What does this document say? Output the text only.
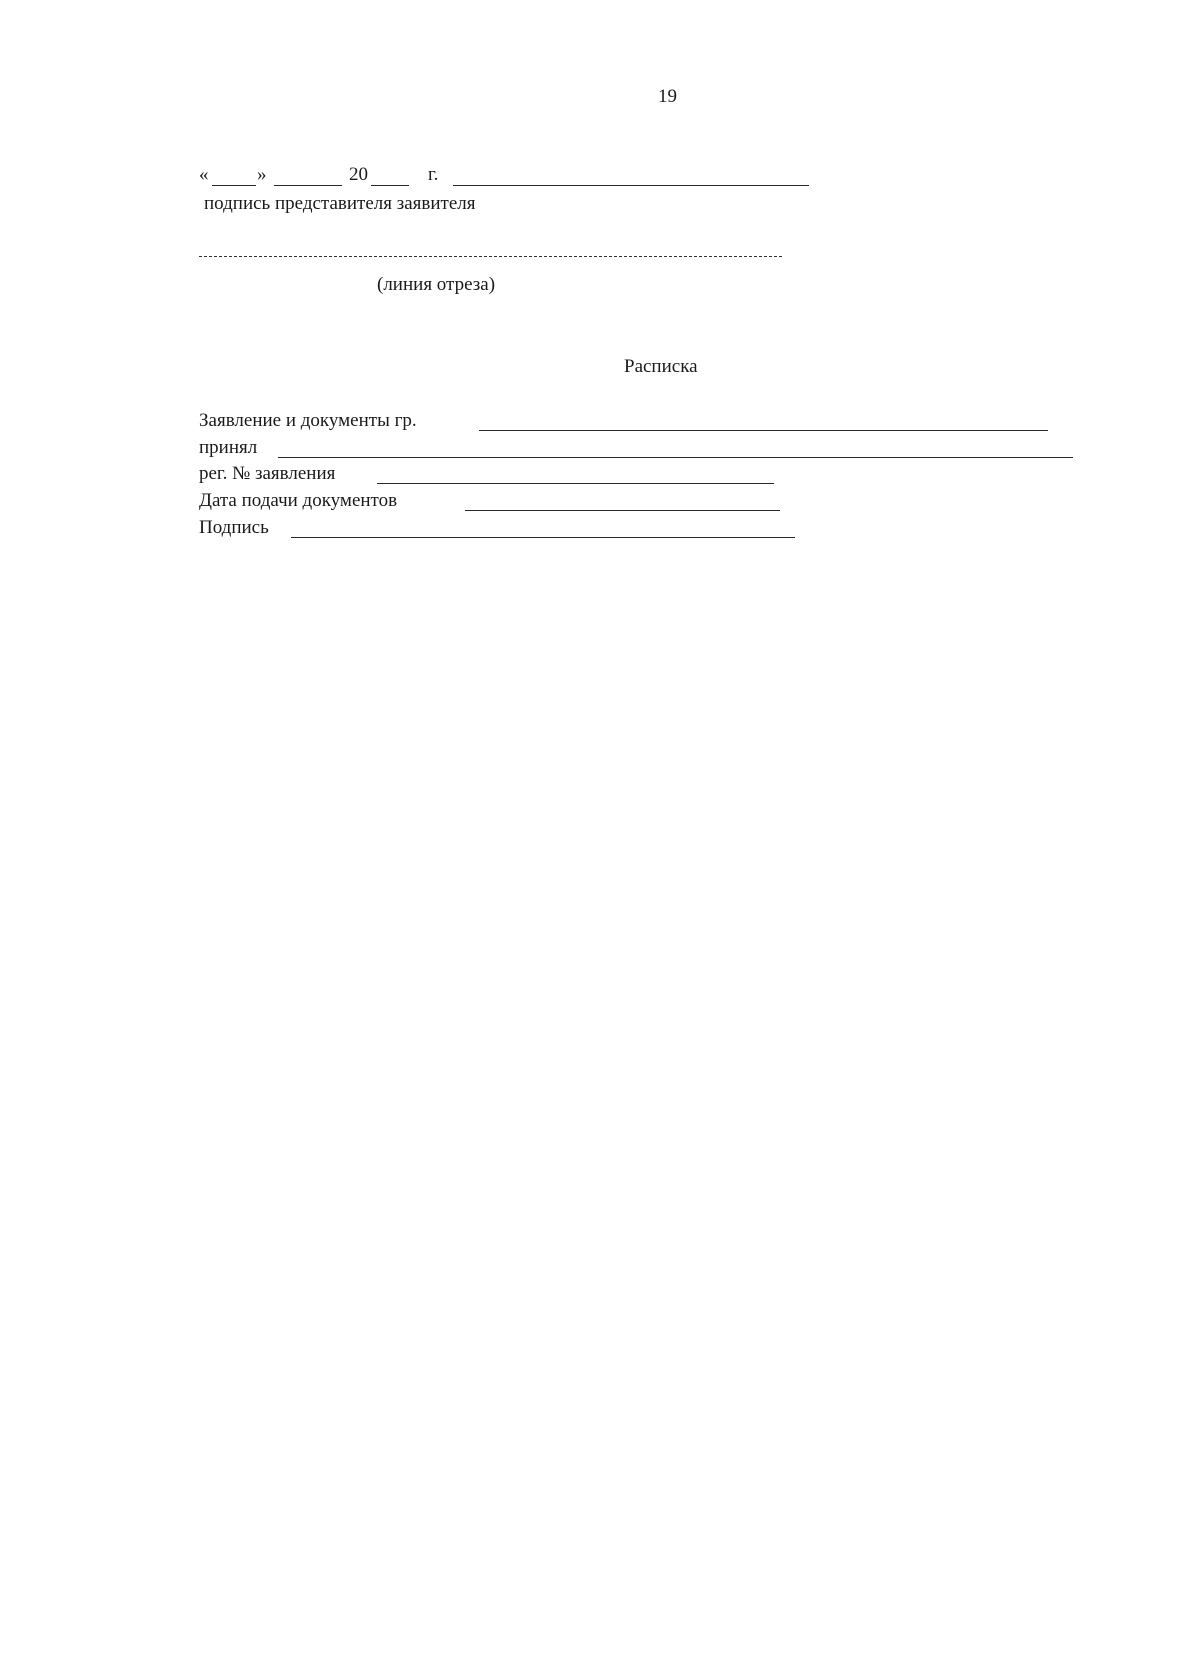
19
«	»	20	г.
подпись представителя заявителя
(линия отреза)
Расписка
Заявление и документы гр.
принял
рег. № заявления
Дата подачи документов
Подпись
